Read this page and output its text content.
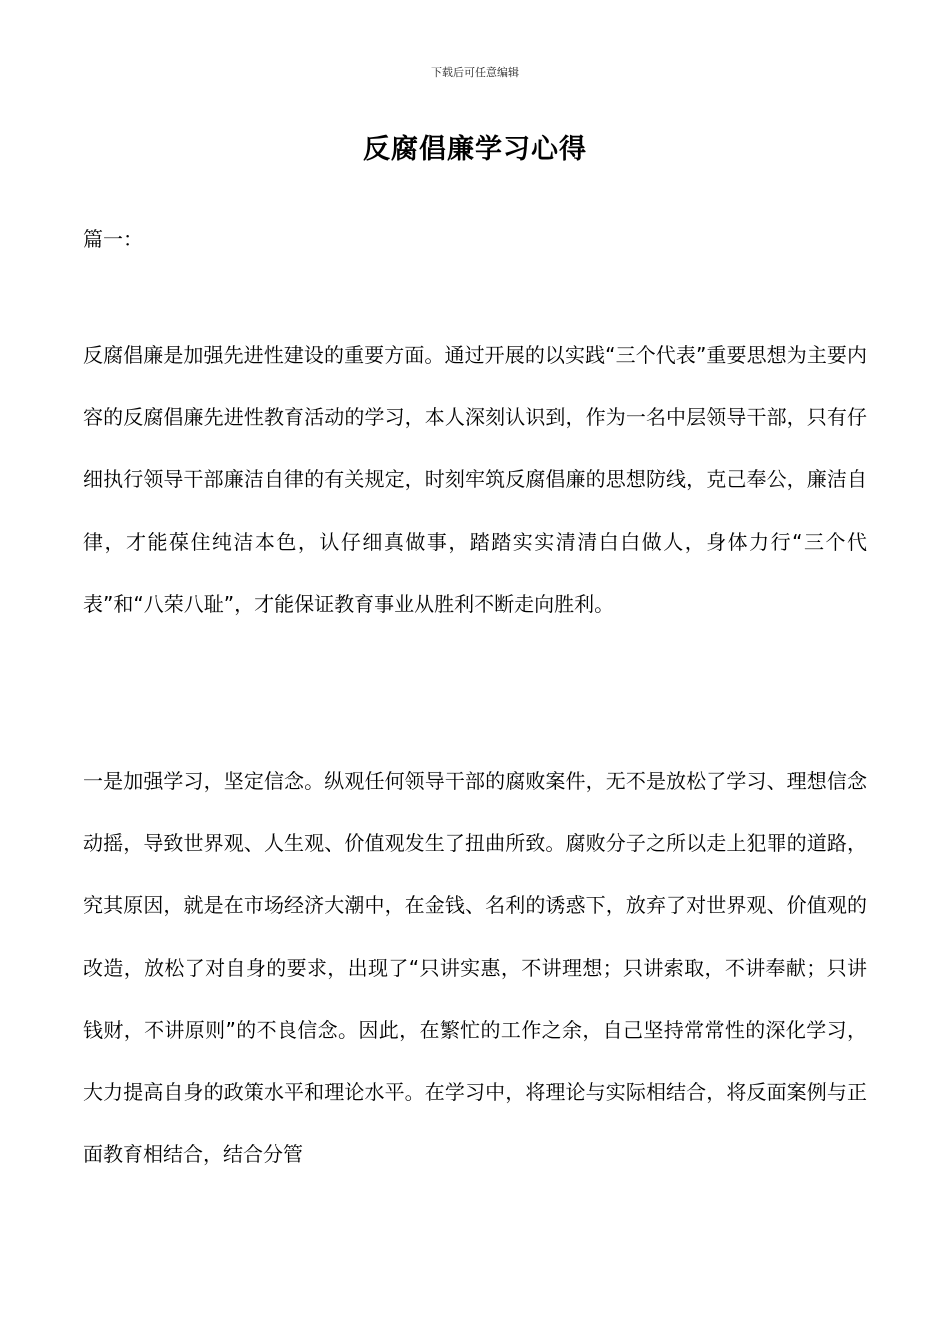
下载后可任意编辑
反腐倡廉学习心得

篇一：

反腐倡廉是加强先进性建设的重要方面。通过开展的以实践“三个代表”重要思想为主要内容的反腐倡廉先进性教育活动的学习，本人深刻认识到，作为一名中层领导干部，只有仔细执行领导干部廉洁自律的有关规定，时刻牢筑反腐倡廉的思想防线，克己奉公，廉洁自律，才能葆住纯洁本色，认仔细真做事，踏踏实实清清白白做人，身体力行“三个代表”和“八荣八耻”，才能保证教育事业从胜利不断走向胜利。

一是加强学习，坚定信念。纵观任何领导干部的腐败案件，无不是放松了学习、理想信念动摇，导致世界观、人生观、价值观发生了扭曲所致。腐败分子之所以走上犯罪的道路，究其原因，就是在市场经济大潮中，在金钱、名利的诱惑下，放弃了对世界观、价值观的改造，放松了对自身的要求，出现了“只讲实惠，不讲理想；只讲索取，不讲奉献；只讲钱财，不讲原则”的不良信念。因此，在繁忙的工作之余，自己坚持常常性的深化学习，大力提高自身的政策水平和理论水平。在学习中，将理论与实际相结合，将反面案例与正面教育相结合，结合分管
